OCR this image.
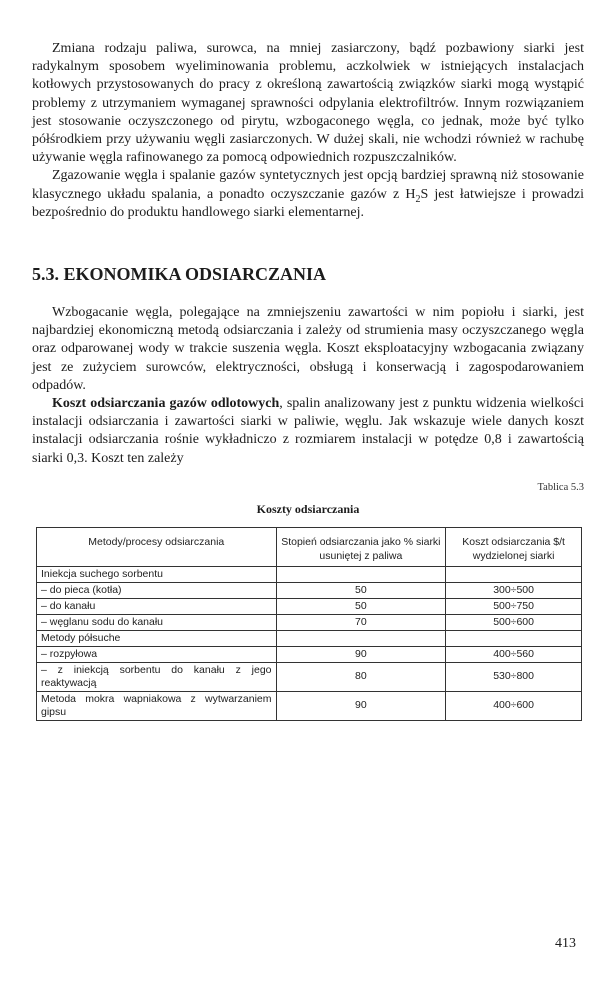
Zmiana rodzaju paliwa, surowca, na mniej zasiarczony, bądź pozbawiony siarki jest radykalnym sposobem wyeliminowania problemu, aczkolwiek w istniejących instalacjach kotłowych przystosowanych do pracy z określoną zawartością związków siarki mogą wystąpić problemy z utrzymaniem wymaganej sprawności odpylania elektrofiltrów. Innym rozwiązaniem jest stosowanie oczyszczonego od pirytu, wzbogaconego węgla, co jednak, może być tylko półśrodkiem przy używaniu węgli zasiarczonych. W dużej skali, nie wchodzi również w rachubę używanie węgla rafinowanego za pomocą odpowiednich rozpuszczalników.

Zgazowanie węgla i spalanie gazów syntetycznych jest opcją bardziej sprawną niż stosowanie klasycznego układu spalania, a ponadto oczyszczanie gazów z $H_2S$ jest łatwiejsze i prowadzi bezpośrednio do produktu handlowego siarki elementarnej.

5.3. EKONOMIKA ODSIARCZANIA

Wzbogacanie węgla, polegające na zmniejszeniu zawartości w nim popiołu i siarki, jest najbardziej ekonomiczną metodą odsiarczania i zależy od strumienia masy oczyszczanego węgla oraz odparowanej wody w trakcie suszenia węgla. Koszt eksploatacyjny wzbogacania związany jest ze zużyciem surowców, elektryczności, obsługą i konserwacją i zagospodarowaniem odpadów.

Koszt odsiarczania gazów odlotowych, spalin analizowany jest z punktu widzenia wielkości instalacji odsiarczania i zawartości siarki w paliwie, węglu. Jak wskazuje wiele danych koszt instalacji odsiarczania rośnie wykładniczo z rozmiarem instalacji w potędze 0,8 i zawartością siarki 0,3. Koszt ten zależy

Tablica 5.3
Koszty odsiarczania
Metody/procesy odsiarczania	Stopień odsiarczania jako % siarki usuniętej z paliwa	Koszt odsiarczania $/t wydzielonej siarki
Iniekcja suchego sorbentu		
– do pieca (kotła)	50	300÷500
– do kanału	50	500÷750
– węglanu sodu do kanału	70	500÷600
Metody półsuche		
– rozpyłowa	90	400÷560
– z iniekcją sorbentu do kanału z jego reaktywacją	80	530÷800
Metoda mokra wapniakowa z wytwarzaniem gipsu	90	400÷600
413
